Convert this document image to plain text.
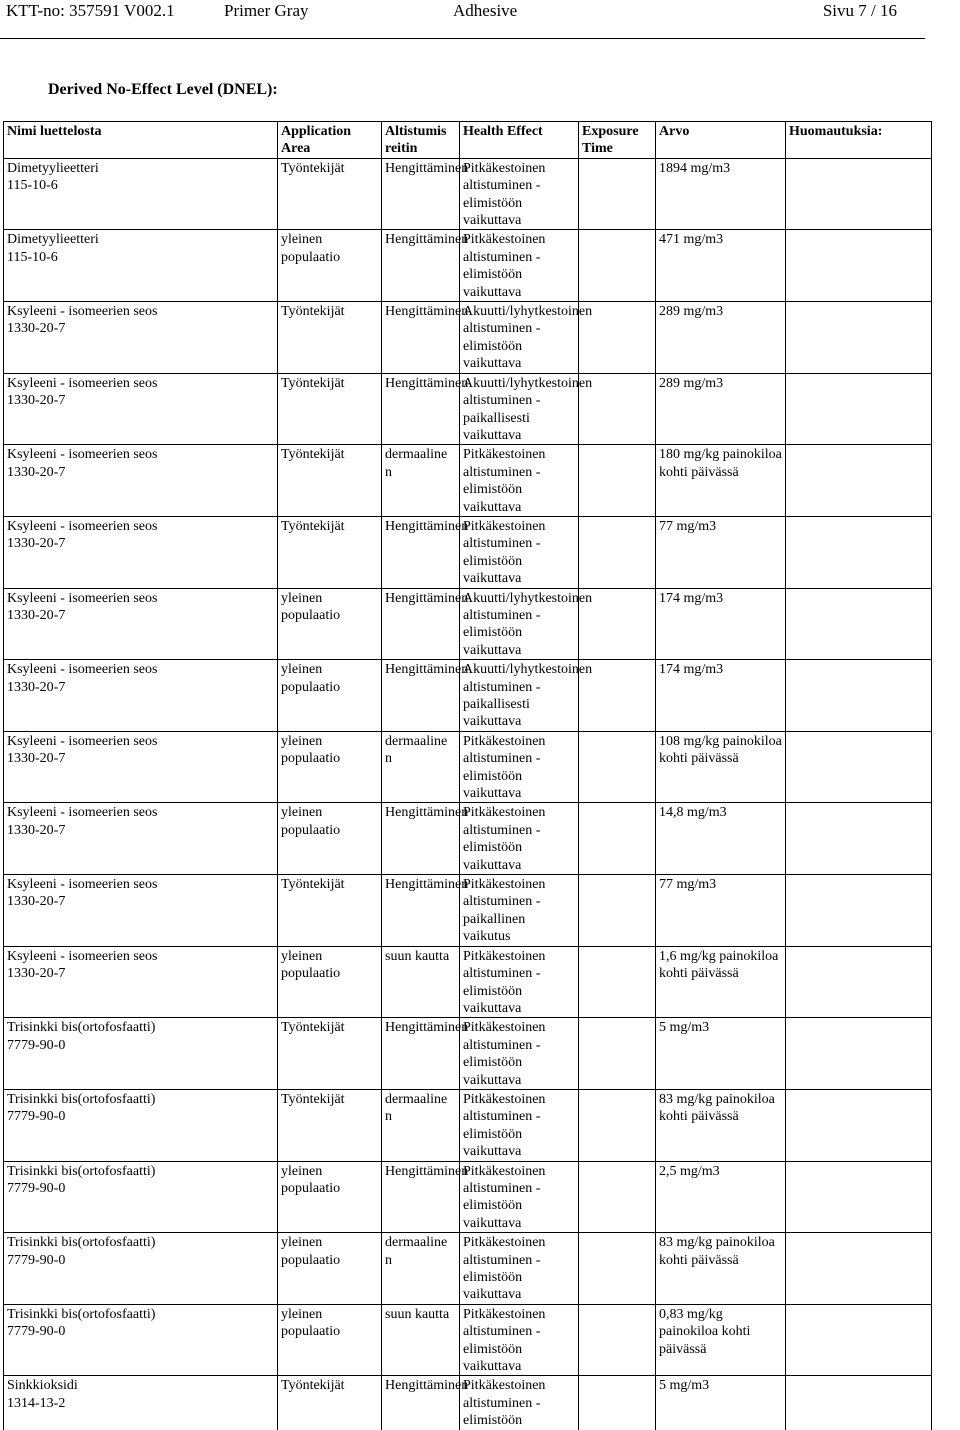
KTT-no: 357591 V002.1	Primer Gray	Adhesive	Sivu 7 / 16
Derived No-Effect Level (DNEL):
Nimi luettelosta	Application Area	Altistumis reitin	Health Effect	Exposure Time	Arvo	Huomautuksia:

Dimetyylieetteri
115-10-6	Työntekijät	Hengittäminen	Pitkäkestoinen altistuminen - elimistöön vaikuttava		1894 mg/m3	

Dimetyylieetteri
115-10-6	yleinen populaatio	Hengittäminen	Pitkäkestoinen altistuminen - elimistöön vaikuttava		471 mg/m3	

Ksyleeni - isomeerien seos
1330-20-7	Työntekijät	Hengittäminen	Akuutti/lyhytkestoinen altistuminen - elimistöön vaikuttava		289 mg/m3	

Ksyleeni - isomeerien seos
1330-20-7	Työntekijät	Hengittäminen	Akuutti/lyhytkestoinen altistuminen - paikallisesti vaikuttava		289 mg/m3	

Ksyleeni - isomeerien seos
1330-20-7	Työntekijät	dermaaline n	Pitkäkestoinen altistuminen - elimistöön vaikuttava		180 mg/kg painokiloa kohti päivässä	

Ksyleeni - isomeerien seos
1330-20-7	Työntekijät	Hengittäminen	Pitkäkestoinen altistuminen - elimistöön vaikuttava		77 mg/m3	

Ksyleeni - isomeerien seos
1330-20-7	yleinen populaatio	Hengittäminen	Akuutti/lyhytkestoinen altistuminen - elimistöön vaikuttava		174 mg/m3	

Ksyleeni - isomeerien seos
1330-20-7	yleinen populaatio	Hengittäminen	Akuutti/lyhytkestoinen altistuminen - paikallisesti vaikuttava		174 mg/m3	

Ksyleeni - isomeerien seos
1330-20-7	yleinen populaatio	dermaaline n	Pitkäkestoinen altistuminen - elimistöön vaikuttava		108 mg/kg painokiloa kohti päivässä	

Ksyleeni - isomeerien seos
1330-20-7	yleinen populaatio	Hengittäminen	Pitkäkestoinen altistuminen - elimistöön vaikuttava		14,8 mg/m3	

Ksyleeni - isomeerien seos
1330-20-7	Työntekijät	Hengittäminen	Pitkäkestoinen altistuminen - paikallinen vaikutus		77 mg/m3	

Ksyleeni - isomeerien seos
1330-20-7	yleinen populaatio	suun kautta	Pitkäkestoinen altistuminen - elimistöön vaikuttava		1,6 mg/kg painokiloa kohti päivässä	

Trisinkki bis(ortofosfaatti)
7779-90-0	Työntekijät	Hengittäminen	Pitkäkestoinen altistuminen - elimistöön vaikuttava		5 mg/m3	

Trisinkki bis(ortofosfaatti)
7779-90-0	Työntekijät	dermaaline n	Pitkäkestoinen altistuminen - elimistöön vaikuttava		83 mg/kg painokiloa kohti päivässä	

Trisinkki bis(ortofosfaatti)
7779-90-0	yleinen populaatio	Hengittäminen	Pitkäkestoinen altistuminen - elimistöön vaikuttava		2,5 mg/m3	

Trisinkki bis(ortofosfaatti)
7779-90-0	yleinen populaatio	dermaaline n	Pitkäkestoinen altistuminen - elimistöön vaikuttava		83 mg/kg painokiloa kohti päivässä	

Trisinkki bis(ortofosfaatti)
7779-90-0	yleinen populaatio	suun kautta	Pitkäkestoinen altistuminen - elimistöön vaikuttava		0,83 mg/kg painokiloa kohti päivässä	

Sinkkioksidi
1314-13-2	Työntekijät	Hengittäminen	Pitkäkestoinen altistuminen - elimistöön		5 mg/m3	
